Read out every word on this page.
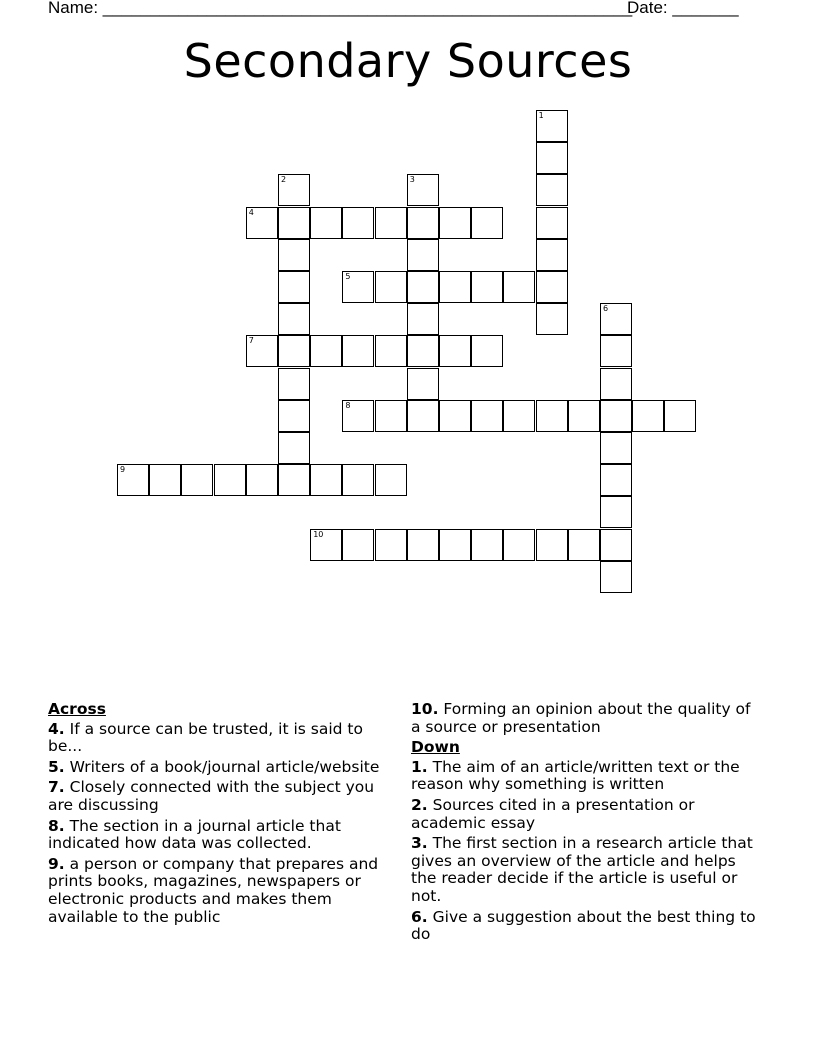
Name: ________________________________________________________
Date: _______
Secondary Sources
1
2	3
4
5
6
7
8
9
10
Across
4. If a source can be trusted, it is said to be...
5. Writers of a book/journal article/website
7. Closely connected with the subject you are discussing
8. The section in a journal article that indicated how data was collected.
9. a person or company that prepares and prints books, magazines, newspapers or electronic products and makes them available to the public
10. Forming an opinion about the quality of a source or presentation
Down
1. The aim of an article/written text or the reason why something is written
2. Sources cited in a presentation or academic essay
3. The first section in a research article that gives an overview of the article and helps the reader decide if the article is useful or not.
6. Give a suggestion about the best thing to do
